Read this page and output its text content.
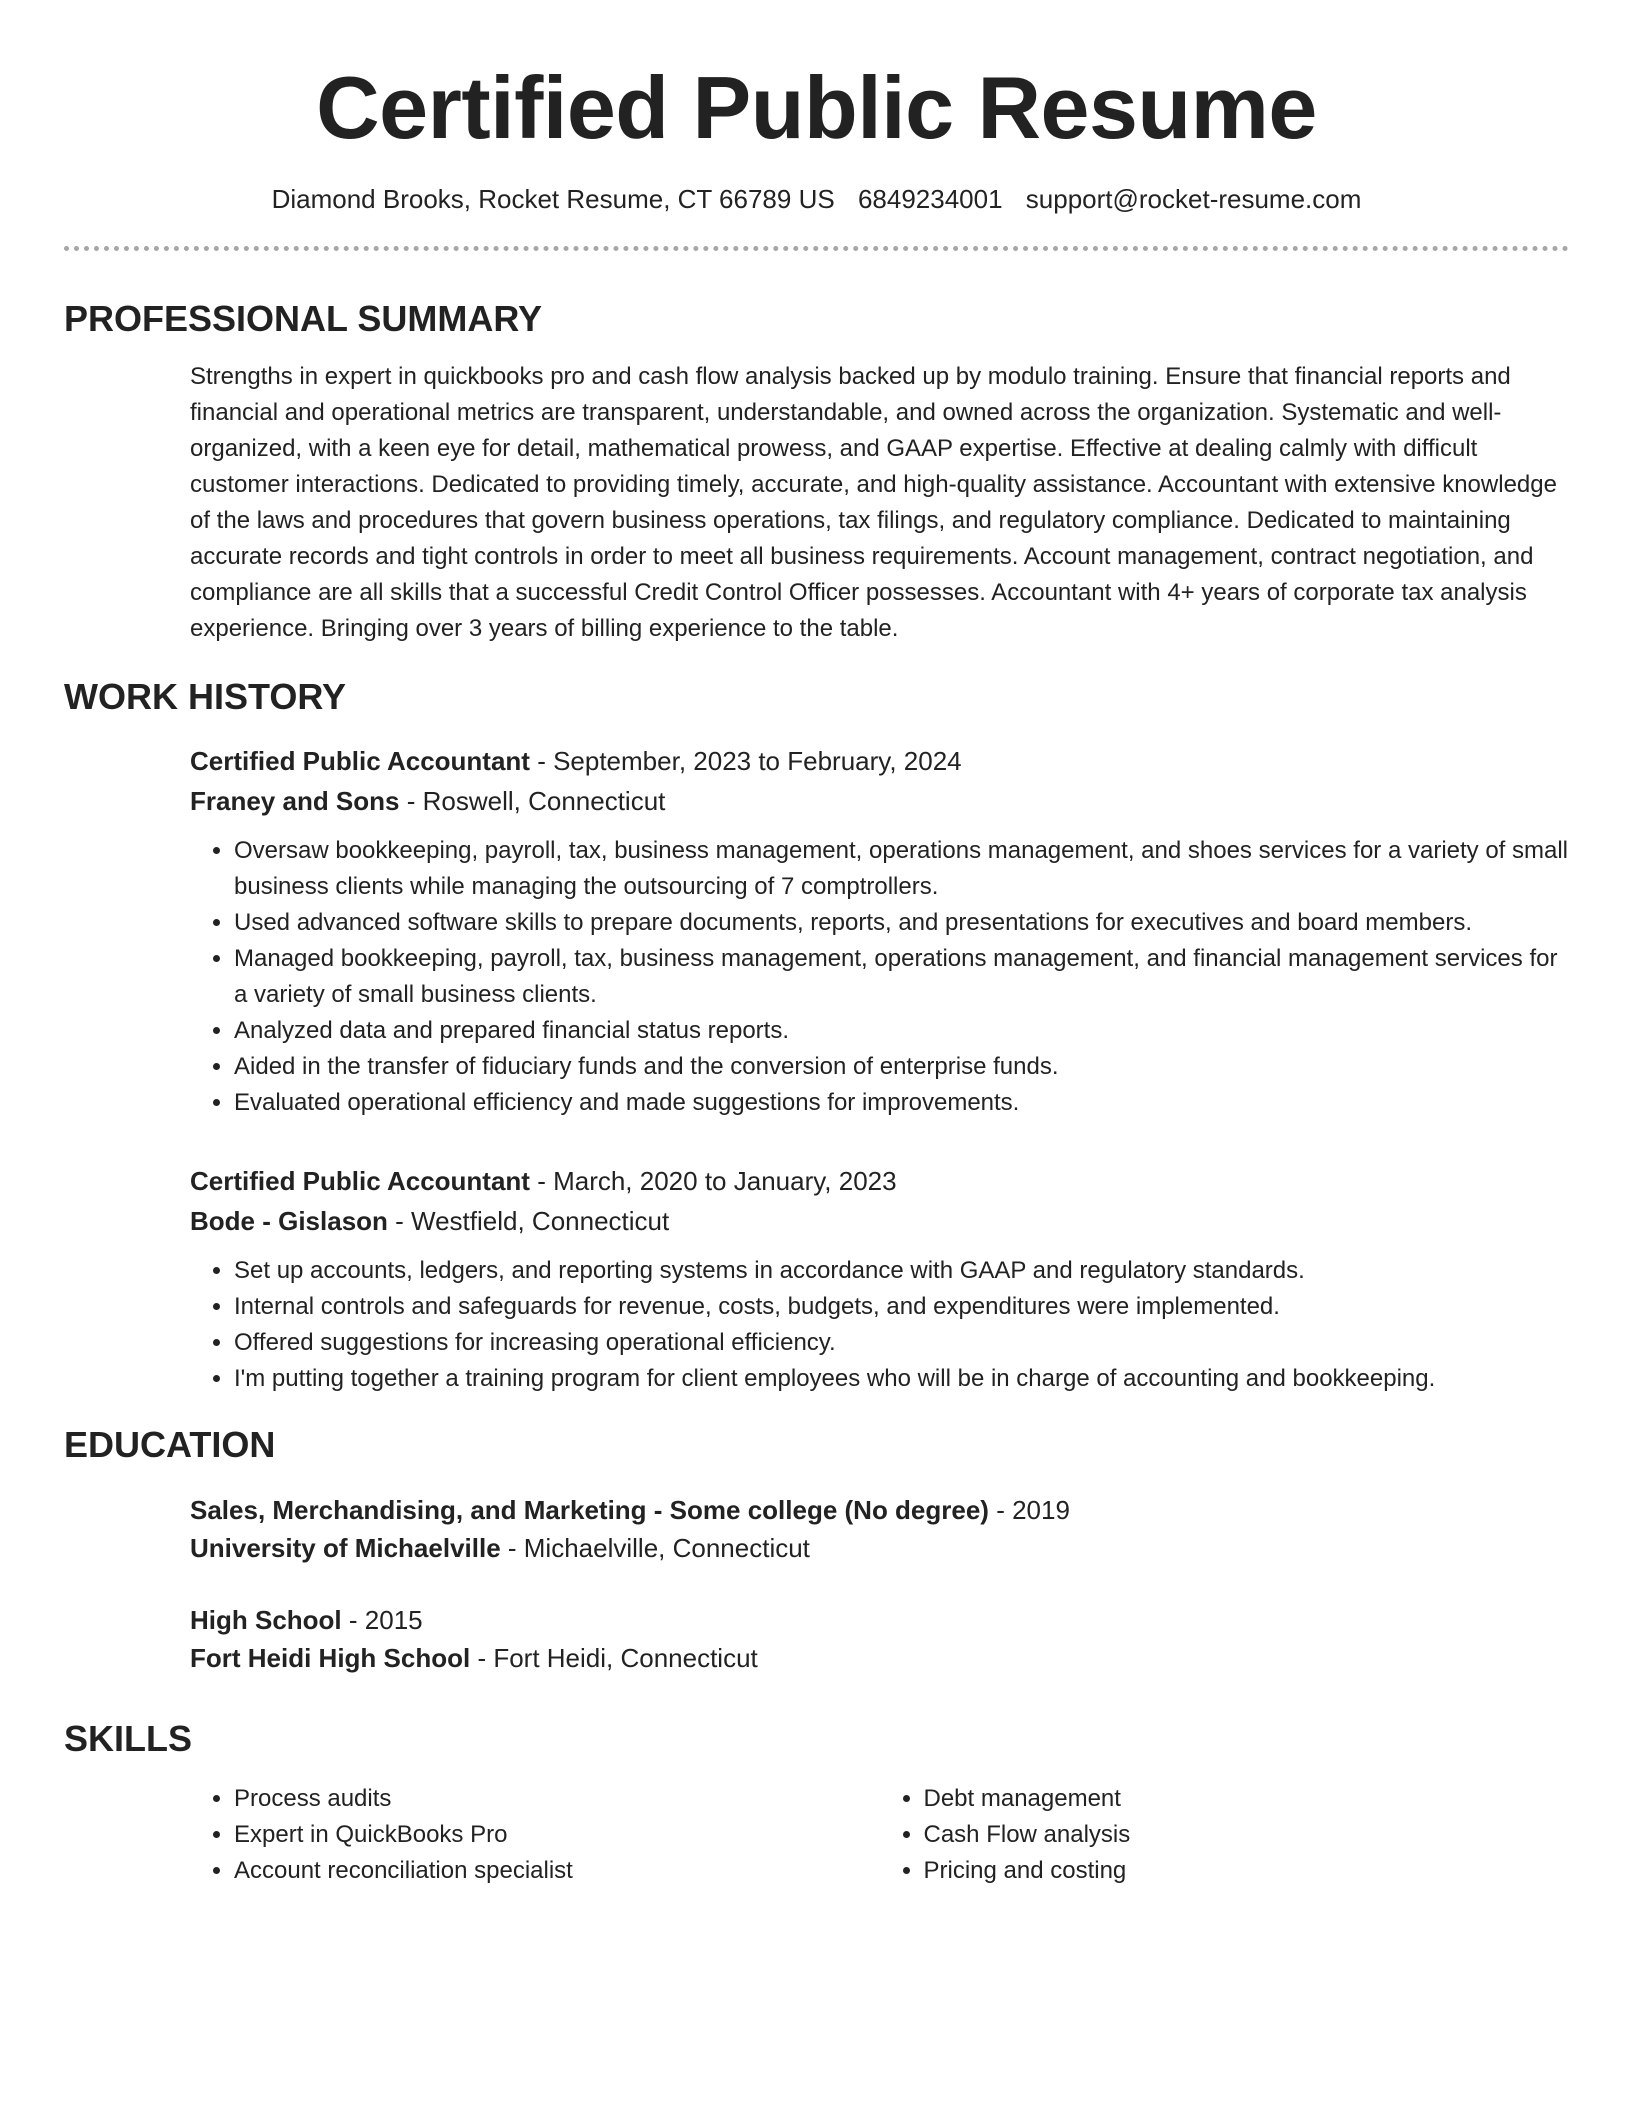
Certified Public Resume
Diamond Brooks, Rocket Resume, CT 66789 US 6849234001 support@rocket-resume.com
PROFESSIONAL SUMMARY
Strengths in expert in quickbooks pro and cash flow analysis backed up by modulo training. Ensure that financial reports and financial and operational metrics are transparent, understandable, and owned across the organization. Systematic and well-organized, with a keen eye for detail, mathematical prowess, and GAAP expertise. Effective at dealing calmly with difficult customer interactions. Dedicated to providing timely, accurate, and high-quality assistance. Accountant with extensive knowledge of the laws and procedures that govern business operations, tax filings, and regulatory compliance. Dedicated to maintaining accurate records and tight controls in order to meet all business requirements. Account management, contract negotiation, and compliance are all skills that a successful Credit Control Officer possesses. Accountant with 4+ years of corporate tax analysis experience. Bringing over 3 years of billing experience to the table.
WORK HISTORY
Certified Public Accountant - September, 2023 to February, 2024
Franey and Sons - Roswell, Connecticut
• Oversaw bookkeeping, payroll, tax, business management, operations management, and shoes services for a variety of small business clients while managing the outsourcing of 7 comptrollers.
• Used advanced software skills to prepare documents, reports, and presentations for executives and board members.
• Managed bookkeeping, payroll, tax, business management, operations management, and financial management services for a variety of small business clients.
• Analyzed data and prepared financial status reports.
• Aided in the transfer of fiduciary funds and the conversion of enterprise funds.
• Evaluated operational efficiency and made suggestions for improvements.
Certified Public Accountant - March, 2020 to January, 2023
Bode - Gislason - Westfield, Connecticut
• Set up accounts, ledgers, and reporting systems in accordance with GAAP and regulatory standards.
• Internal controls and safeguards for revenue, costs, budgets, and expenditures were implemented.
• Offered suggestions for increasing operational efficiency.
• I'm putting together a training program for client employees who will be in charge of accounting and bookkeeping.
EDUCATION
Sales, Merchandising, and Marketing - Some college (No degree) - 2019
University of Michaelville - Michaelville, Connecticut
High School - 2015
Fort Heidi High School - Fort Heidi, Connecticut
SKILLS
• Process audits
• Expert in QuickBooks Pro
• Account reconciliation specialist
• Debt management
• Cash Flow analysis
• Pricing and costing
